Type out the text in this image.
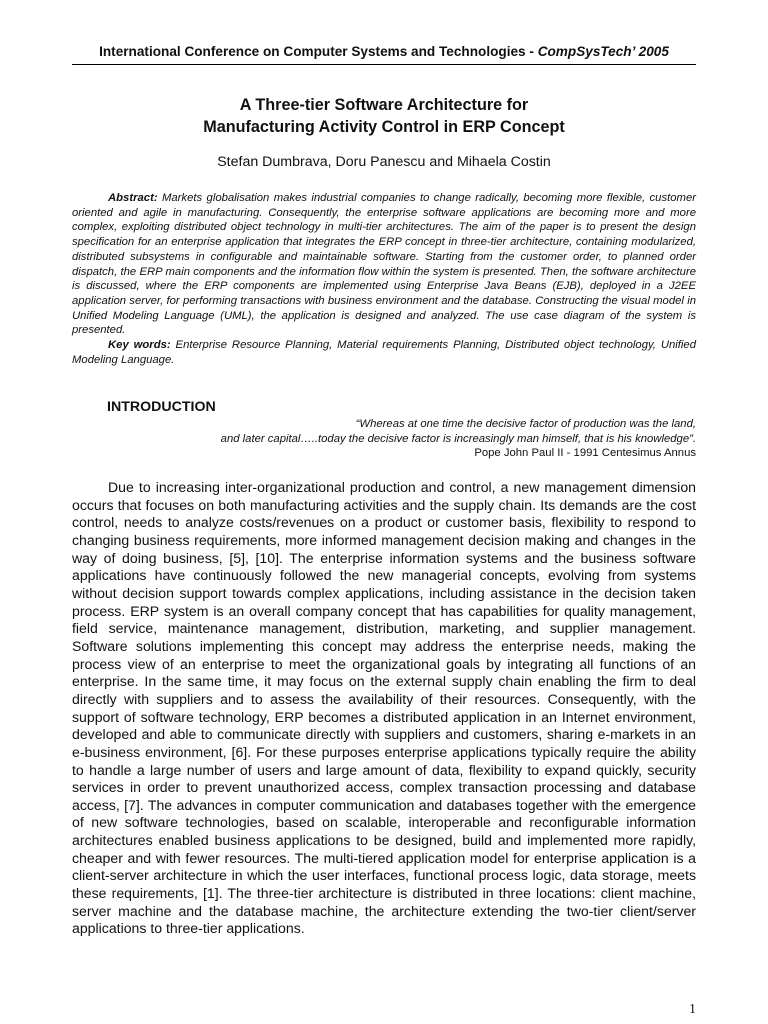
International Conference on Computer Systems and Technologies - CompSysTech’ 2005
A Three-tier Software Architecture for
Manufacturing Activity Control in ERP Concept
Stefan Dumbrava, Doru Panescu and Mihaela Costin

Abstract: Markets globalisation makes industrial companies to change radically, becoming more flexible, customer oriented and agile in manufacturing. Consequently, the enterprise software applications are becoming more and more complex, exploiting distributed object technology in multi-tier architectures. The aim of the paper is to present the design specification for an enterprise application that integrates the ERP concept in three-tier architecture, containing modularized, distributed subsystems in configurable and maintainable software. Starting from the customer order, to planned order dispatch, the ERP main components and the information flow within the system is presented. Then, the software architecture is discussed, where the ERP components are implemented using Enterprise Java Beans (EJB), deployed in a J2EE application server, for performing transactions with business environment and the database. Constructing the visual model in Unified Modeling Language (UML), the application is designed and analyzed. The use case diagram of the system is presented.

Key words: Enterprise Resource Planning, Material requirements Planning, Distributed object technology, Unified Modeling Language.

INTRODUCTION
“Whereas at one time the decisive factor of production was the land,
and later capital…..today the decisive factor is increasingly man himself, that is his knowledge”.
Pope John Paul II - 1991 Centesimus Annus

Due to increasing inter-organizational production and control, a new management dimension occurs that focuses on both manufacturing activities and the supply chain. Its demands are the cost control, needs to analyze costs/revenues on a product or customer basis, flexibility to respond to changing business requirements, more informed management decision making and changes in the way of doing business, [5], [10]. The enterprise information systems and the business software applications have continuously followed the new managerial concepts, evolving from systems without decision support towards complex applications, including assistance in the decision taken process. ERP system is an overall company concept that has capabilities for quality management, field service, maintenance management, distribution, marketing, and supplier management. Software solutions implementing this concept may address the enterprise needs, making the process view of an enterprise to meet the organizational goals by integrating all functions of an enterprise. In the same time, it may focus on the external supply chain enabling the firm to deal directly with suppliers and to assess the availability of their resources. Consequently, with the support of software technology, ERP becomes a distributed application in an Internet environment, developed and able to communicate directly with suppliers and customers, sharing e-markets in an e-business environment, [6]. For these purposes enterprise applications typically require the ability to handle a large number of users and large amount of data, flexibility to expand quickly, security services in order to prevent unauthorized access, complex transaction processing and database access, [7]. The advances in computer communication and databases together with the emergence of new software technologies, based on scalable, interoperable and reconfigurable information architectures enabled business applications to be designed, build and implemented more rapidly, cheaper and with fewer resources. The multi-tiered application model for enterprise application is a client-server architecture in which the user interfaces, functional process logic, data storage, meets these requirements, [1]. The three-tier architecture is distributed in three locations: client machine, server machine and the database machine, the architecture extending the two-tier client/server applications to three-tier applications.

1
